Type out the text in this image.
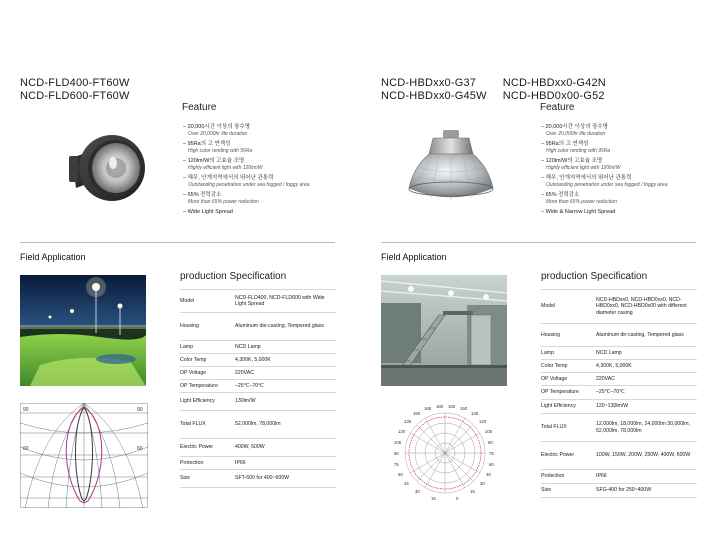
NCD-FLD400-FT60W
NCD-FLD600-FT60W
Feature
– 20,000시간 이상의 장수명
Over 20,000hr life duration
– 95Ra의 고 연색성
High color rending with 95Ra
– 120lm/W의 고효율 조명
Highly efficient light with 120lm/W
– 해무, 안개지역에서의 뛰어난 관통력
Outstanding penetration under sea fogged / foggy area
– 65% 전력감소
More than 65% power reduction
– Wide Light Spread
Field Application
90	90
60	60
production Specification
Model	NCD-FLD400, NCD-FLD600 with Wide Light Spread
Housing	Aluminum die-casting, Tempered glass
Lamp	NCD Lamp
Color Temp	4,300K, 5,000K
OP Voltage	220VAC
OP Temperature	–25℃–70℃
Light Efficiency	130lm/W
Total FLUX	52,000lm, 78,000lm
Electric Power	400W, 600W
Protection	IP66
Size	SFT-600 for 400~600W
NCD-HBDxx0-G37	NCD-HBDxx0-G42N
NCD-HBDxx0-G45W NCD-HBD0x00-G52
Feature
– 20,000시간 이상의 장수명
Over 20,000hr life duration
– 95Ra의 고 연색성
High color rending with 95Ra
– 120lm/W의 고효율 조명
Highly efficient light with 120lm/W
– 해무, 안개지역에서의 뛰어난 관통력
Outstanding penetration under sea fogged / foggy area
– 65% 전력감소
More than 65% power reduction
– Wide & Narrow Light Spread
Field Application
180 165
165	150
150	135
135	120
120	105
105	90
90	75
75	60
60	45
45	30
30	15
15	0
production Specification
Model	NCD-HBDxx0, NCD-HBD0xx0, NCD-HBD0xx0, NCD-HBD0x00 with different diameter casing
Housing	Aluminum dir-casting, Tempered glass
Lamp	NCD Lamp
Color Temp	4,300K, 5,000K
OP Voltage	220VAC
OP Temperature	–25℃–70℃
Light Efficiency	120~130lm/W
Total FLUX	12,000lm, 18,000lm, 24,000lm 30,000lm, 52,000lm, 78,000lm
Electric Power	100W, 150W, 200W, 250W, 400W, 600W
Protection	IP66
Size	SFG-400 for 250~400W
